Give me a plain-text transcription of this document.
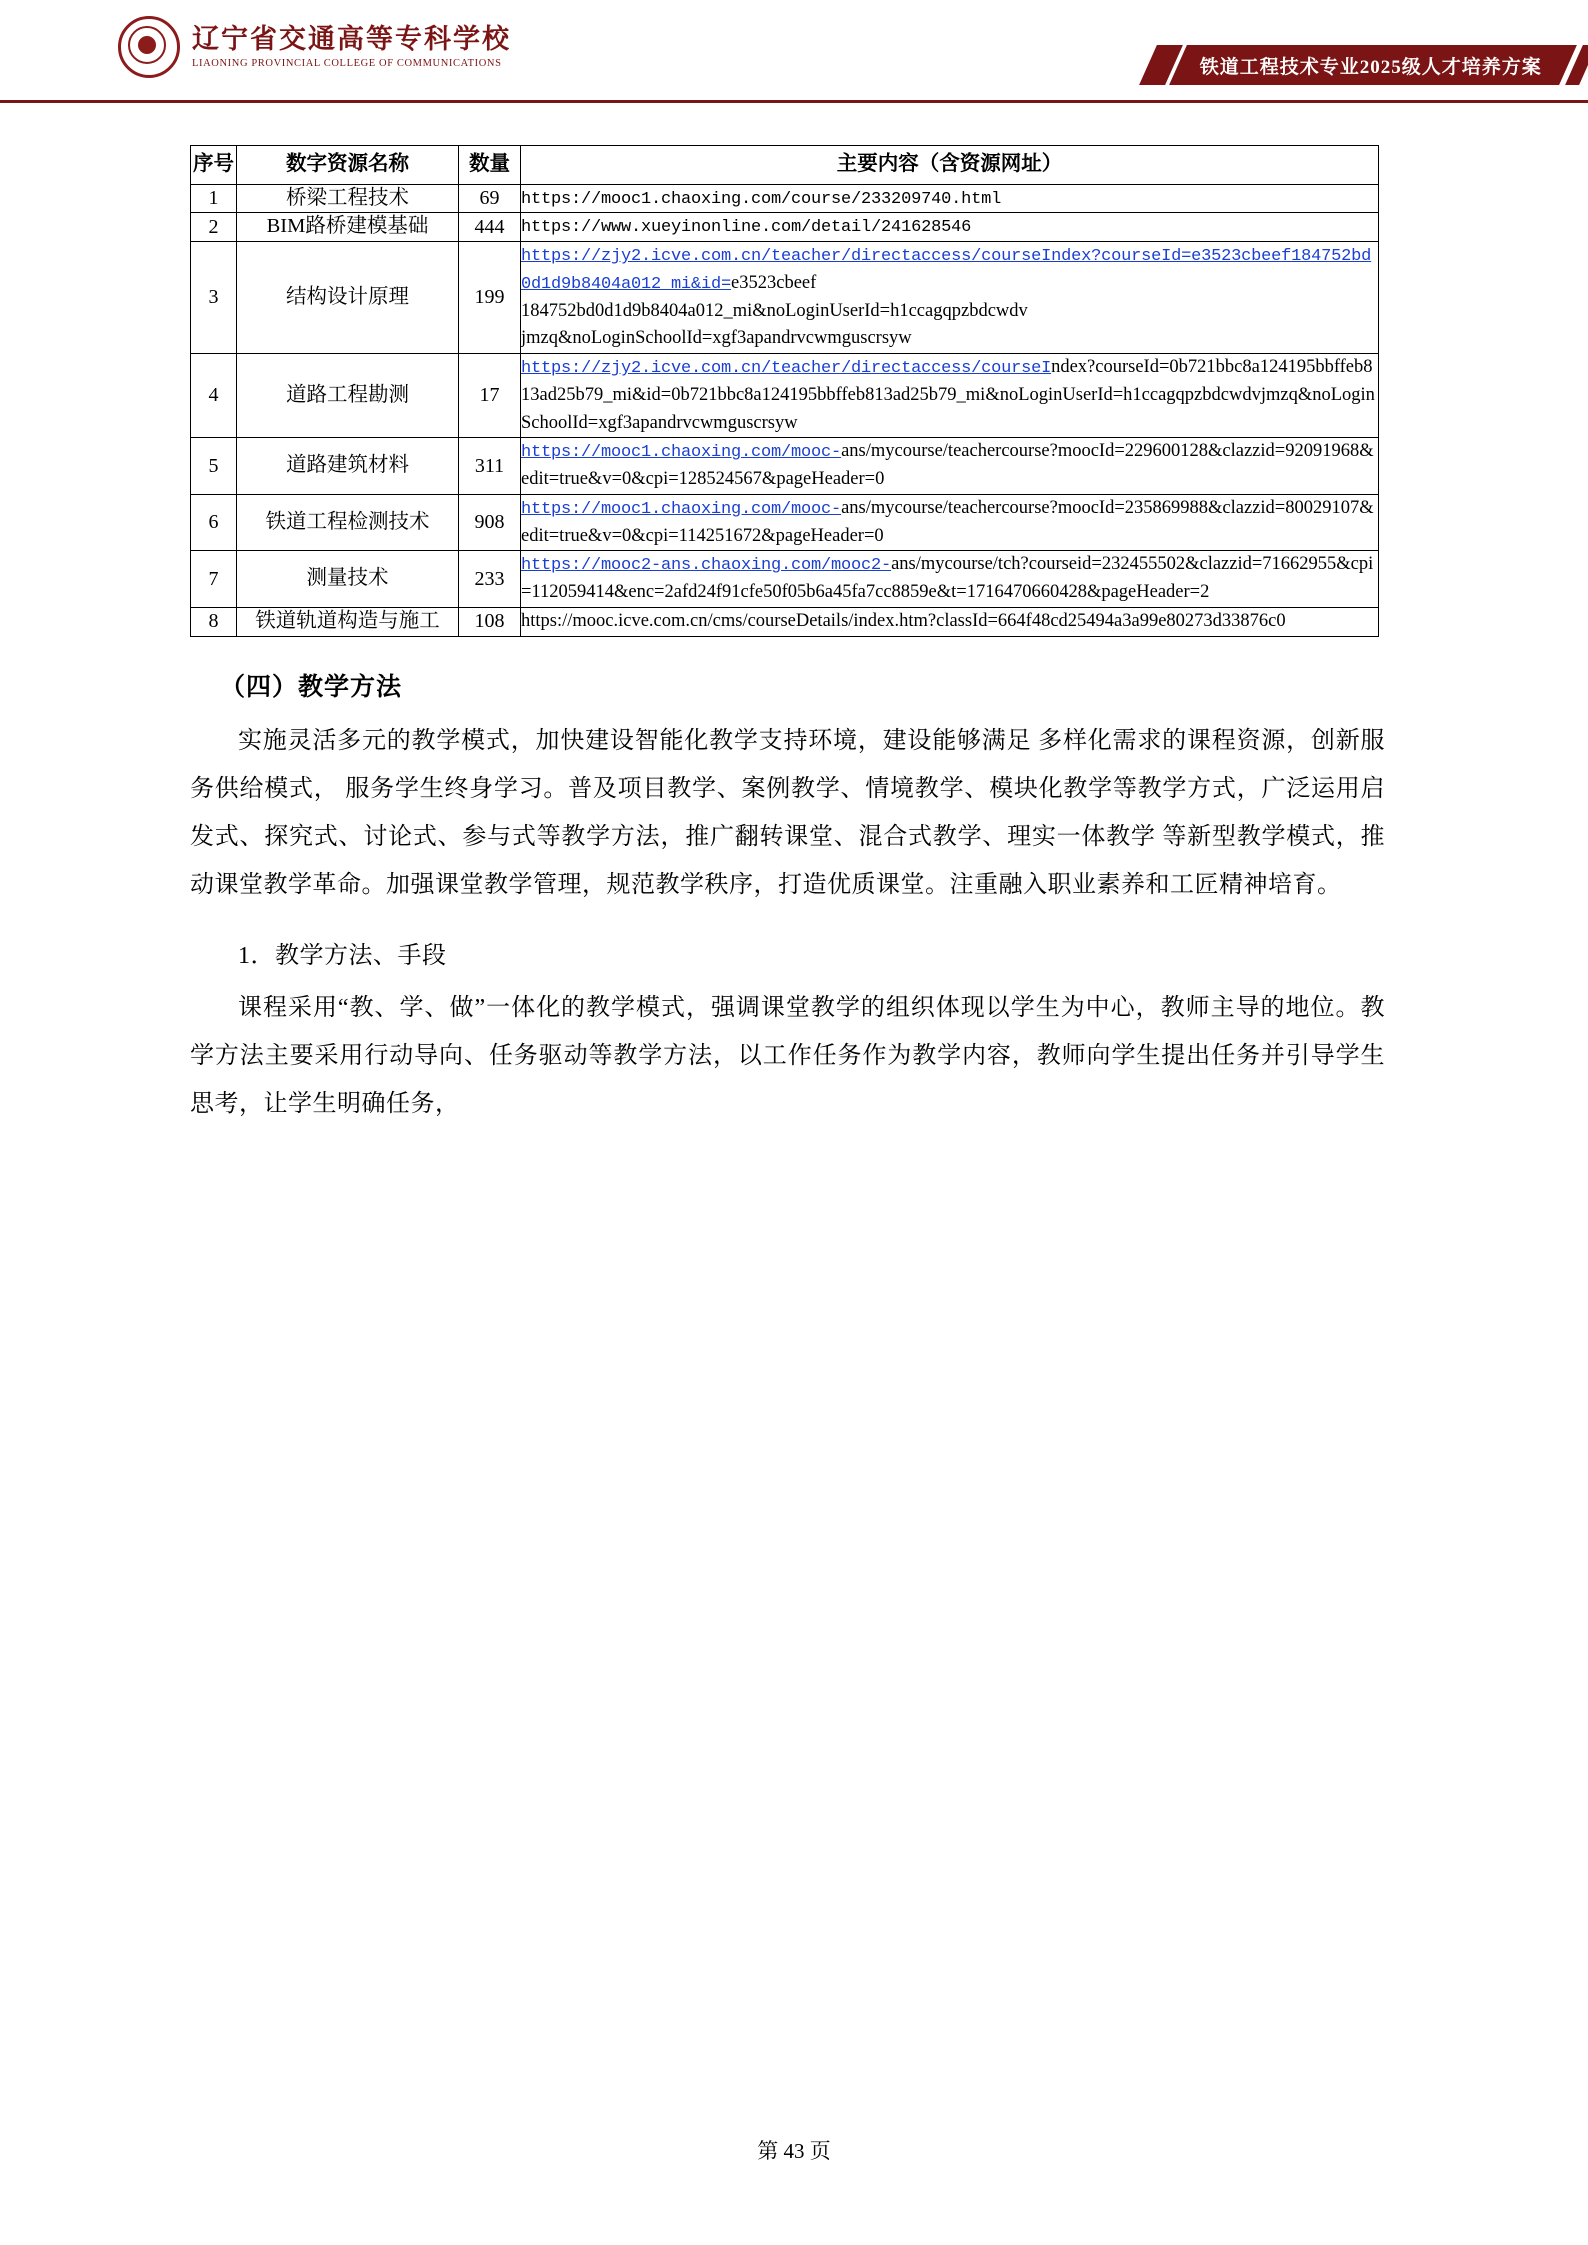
辽宁省交通高等专科学校
LIAONING PROVINCIAL COLLEGE OF COMMUNICATIONS	铁道工程技术专业2025级人才培养方案
序号	数字资源名称	数量	主要内容（含资源网址）
1	桥梁工程技术	69	https://mooc1.chaoxing.com/course/233209740.html
2	BIM路桥建模基础	444	https://www.xueyinonline.com/detail/241628546
3	结构设计原理	199	https://zjy2.icve.com.cn/teacher/directaccess/courseIndex?courseId=e3523cbeef184752bd0d1d9b8404a012_mi&id=e3523cbeef
184752bd0d1d9b8404a012_mi&noLoginUserId=h1ccagqpzbdcwdv
jmzq&noLoginSchoolId=xgf3apandrvcwmguscrsyw
4	道路工程勘测	17	https://zjy2.icve.com.cn/teacher/directaccess/courseIndex?courseId=0b721bbc8a124195bbffeb813ad25b79_mi&id=0b721bbc8a124195bbffeb813ad25b79_mi&noLoginUserId=h1ccagqpzbdcwdvjmzq&noLoginSchoolId=xgf3apandrvcwmguscrsyw
5	道路建筑材料	311	https://mooc1.chaoxing.com/mooc-ans/mycourse/teachercourse?moocId=229600128&clazzid=92091968&edit=true&v=0&cpi=128524567&pageHeader=0
6	铁道工程检测技术	908	https://mooc1.chaoxing.com/mooc-ans/mycourse/teachercourse?moocId=235869988&clazzid=80029107&edit=true&v=0&cpi=114251672&pageHeader=0
7	测量技术	233	https://mooc2-ans.chaoxing.com/mooc2-ans/mycourse/tch?courseid=232455502&clazzid=71662955&cpi=112059414&enc=2afd24f91cfe50f05b6a45fa7cc8859e&t=1716470660428&pageHeader=2
8	铁道轨道构造与施工	108	https://mooc.icve.com.cn/cms/courseDetails/index.htm?classId=664f48cd25494a3a99e80273d33876c0
（四）教学方法

实施灵活多元的教学模式，加快建设智能化教学支持环境，建设能够满足 多样化需求的课程资源，创新服务供给模式， 服务学生终身学习。普及项目教学、案例教学、情境教学、模块化教学等教学方式，广泛运用启发式、探究式、讨论式、参与式等教学方法，推广翻转课堂、混合式教学、理实一体教学 等新型教学模式，推动课堂教学革命。加强课堂教学管理，规范教学秩序，打造优质课堂。注重融入职业素养和工匠精神培育。

1．教学方法、手段

课程采用“教、学、做”一体化的教学模式，强调课堂教学的组织体现以学生为中心，教师主导的地位。教学方法主要采用行动导向、任务驱动等教学方法，以工作任务作为教学内容，教师向学生提出任务并引导学生思考，让学生明确任务，

第 43 页
